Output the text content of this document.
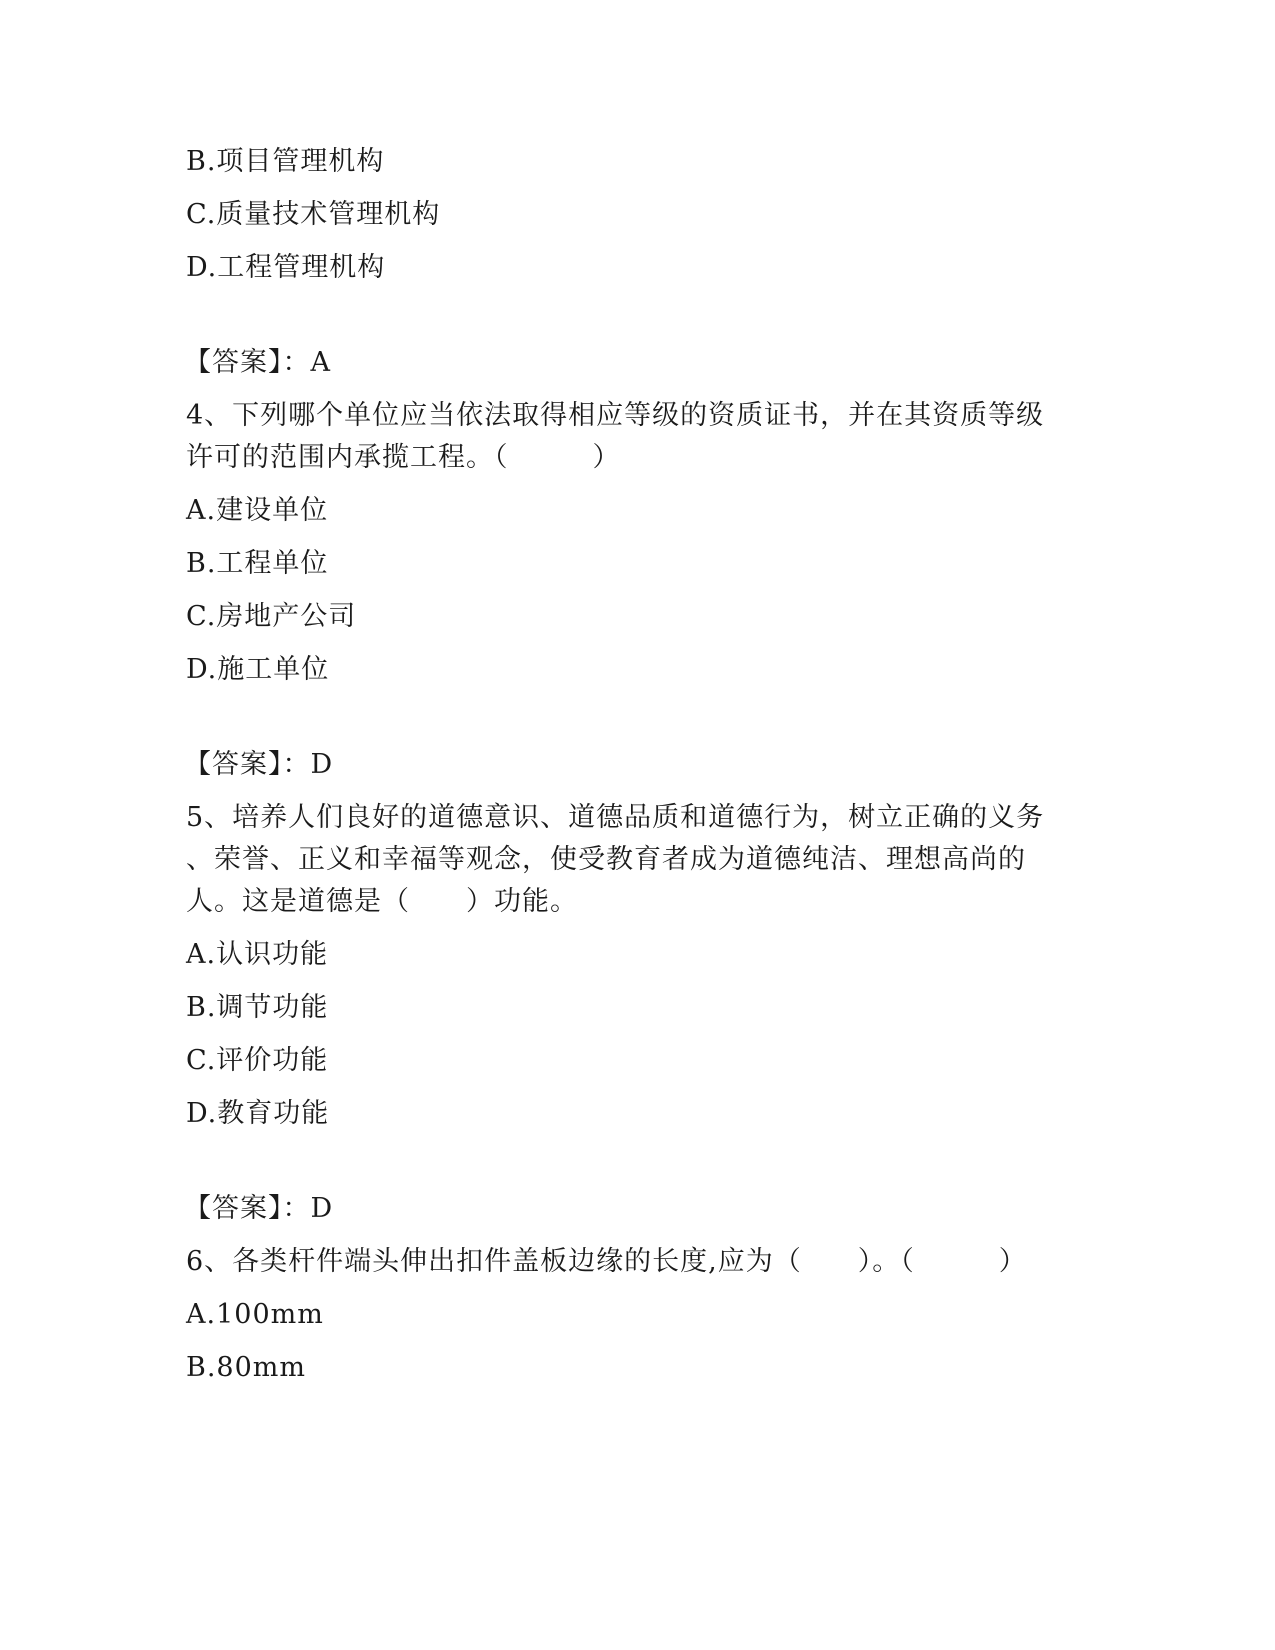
B.项目管理机构
C.质量技术管理机构
D.工程管理机构
【答案】：A
4、下列哪个单位应当依法取得相应等级的资质证书，并在其资质等级
许可的范围内承揽工程。（　　　）
A.建设单位
B.工程单位
C.房地产公司
D.施工单位
【答案】：D
5、培养人们良好的道德意识、道德品质和道德行为，树立正确的义务
、荣誉、正义和幸福等观念，使受教育者成为道德纯洁、理想高尚的
人。这是道德是（　　）功能。
A.认识功能
B.调节功能
C.评价功能
D.教育功能
【答案】：D
6、各类杆件端头伸出扣件盖板边缘的长度,应为（　　）。（　　　）
A.100mm
B.80mm
